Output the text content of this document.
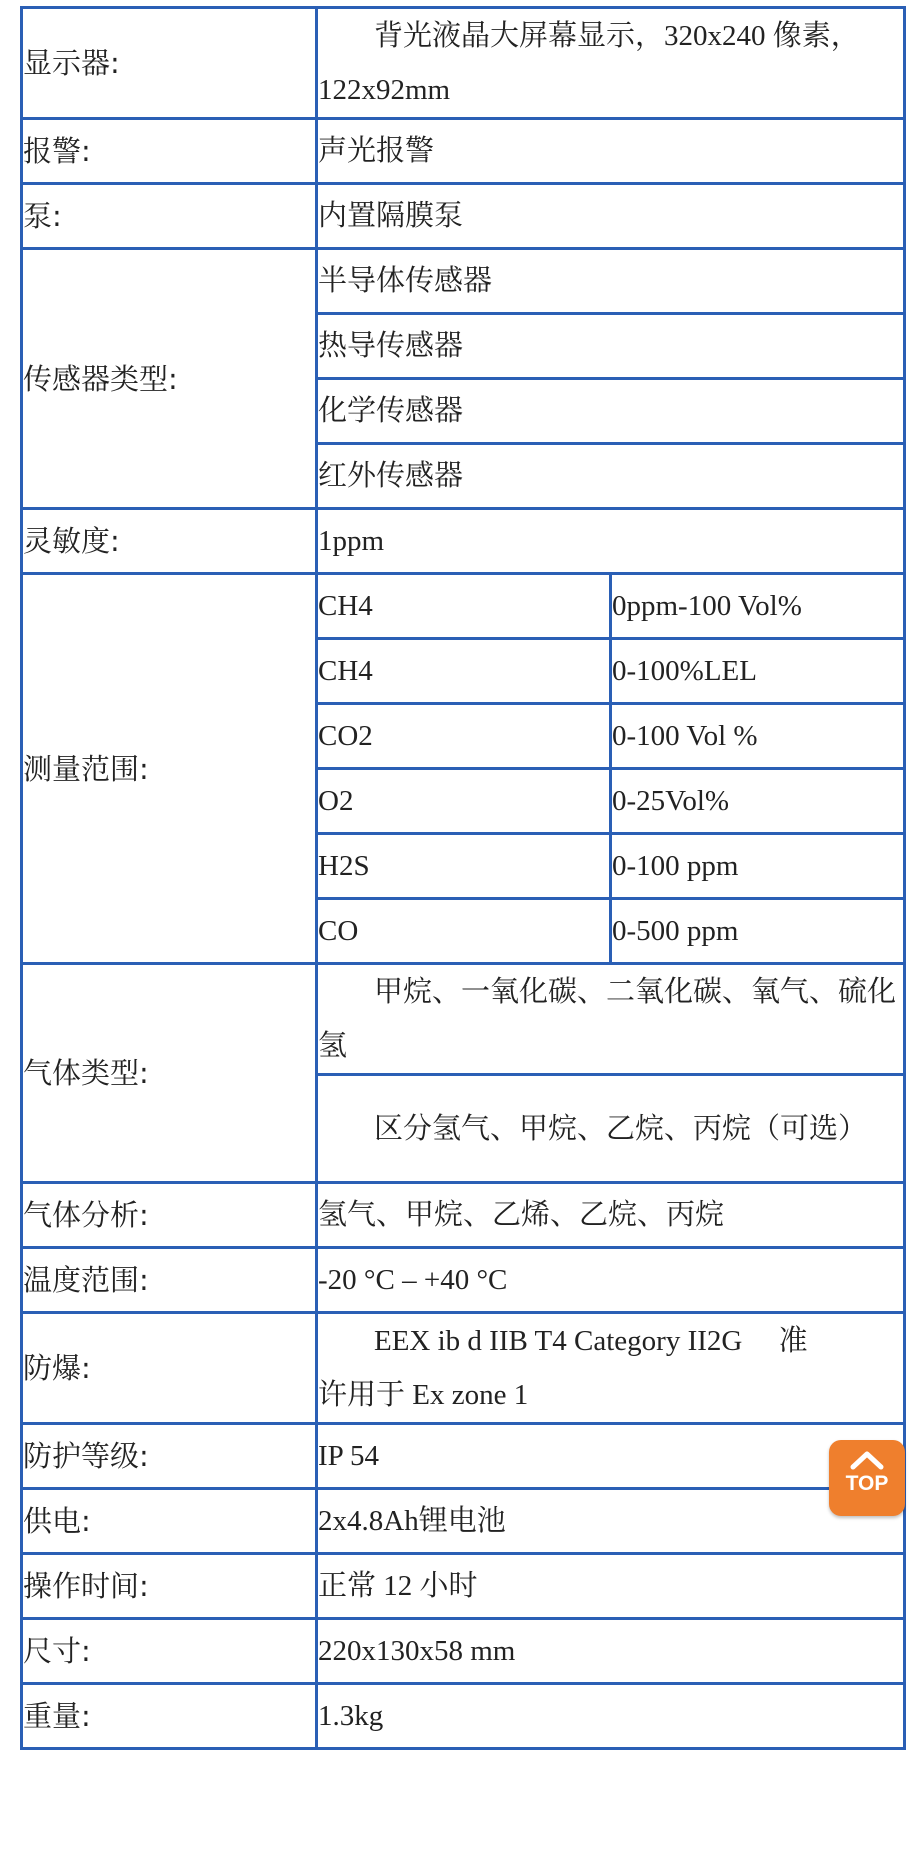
显示器:	背光液晶大屏幕显示，320x240 像素，122x92mm	
报警:	声光报警	
泵:	内置隔膜泵	
传感器类型:	半导体传感器	
	热导传感器	
	化学传感器	
	红外传感器	
灵敏度:	1ppm	
测量范围:	CH4	0ppm-100 Vol%
	CH4	0-100%LEL
	CO2	0-100 Vol %
	O2	0-25Vol%
	H2S	0-100 ppm
	CO	0-500 ppm
气体类型:	甲烷、一氧化碳、二氧化碳、氧气、硫化氢	
	区分氢气、甲烷、乙烷、丙烷（可选）	
气体分析:	氢气、甲烷、乙烯、乙烷、丙烷	
温度范围:	-20 °C – +40 °C	
防爆:	EEX ib d IIB T4 Category II2G　 准许用于 Ex zone 1	
防护等级:	IP 54	
供电:	2x4.8Ah锂电池	
操作时间:	正常 12 小时	
尺寸:	220x130x58 mm	
重量:	1.3kg	
TOP
